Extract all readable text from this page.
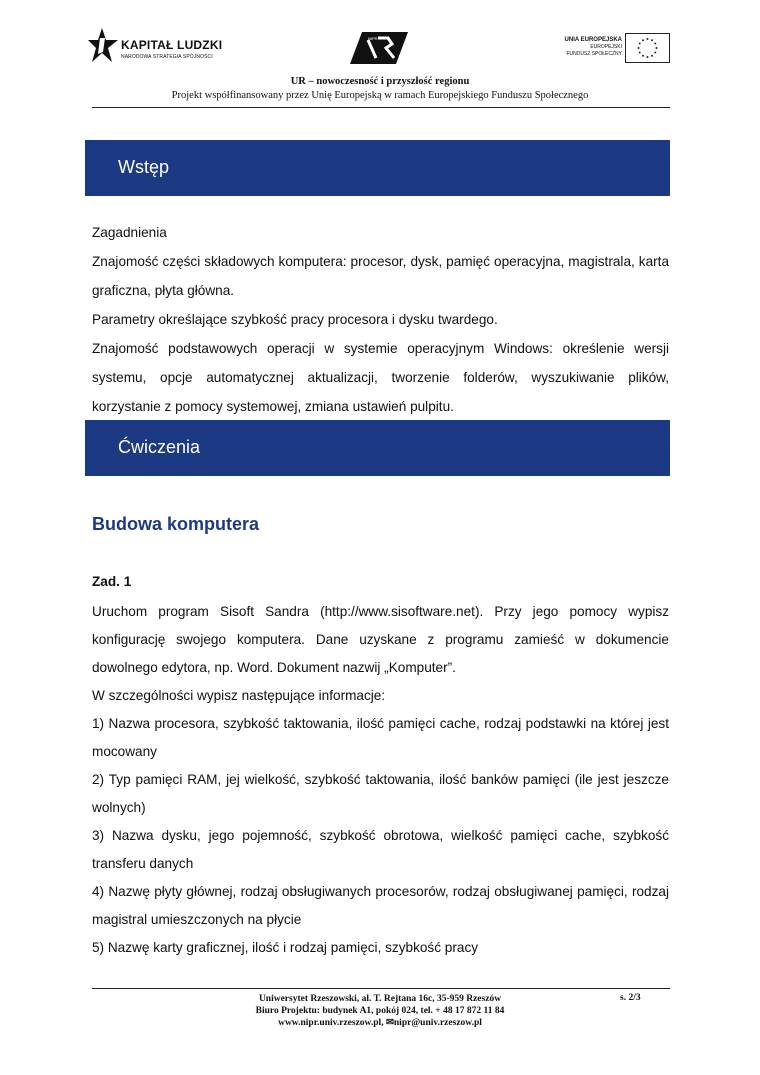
KAPITAŁ LUDZKI
NARODOWA STRATEGIA SPÓJNOŚCI
NIPR	UNIA EUROPEJSKA
EUROPEJSKI
FUNDUSZ SPOŁECZNY
UR – nowoczesność i przyszłość regionu
Projekt współfinansowany przez Unię Europejską w ramach Europejskiego Funduszu Społecznego
Wstęp

Zagadnienia

Znajomość części składowych komputera: procesor, dysk, pamięć operacyjna, magistrala, karta graficzna, płyta główna.

Parametry określające szybkość pracy procesora i dysku twardego.

Znajomość podstawowych operacji w systemie operacyjnym Windows: określenie wersji systemu, opcje automatycznej aktualizacji, tworzenie folderów, wyszukiwanie plików, korzystanie z pomocy systemowej, zmiana ustawień pulpitu.

Ćwiczenia
Budowa komputera
Zad. 1

Uruchom program Sisoft Sandra (http://www.sisoftware.net). Przy jego pomocy wypisz konfigurację swojego komputera. Dane uzyskane z programu zamieść w dokumencie dowolnego edytora, np. Word. Dokument nazwij „Komputer”.

W szczególności wypisz następujące informacje:

1) Nazwa procesora, szybkość taktowania, ilość pamięci cache, rodzaj podstawki na której jest mocowany

2) Typ pamięci RAM, jej wielkość, szybkość taktowania, ilość banków pamięci (ile jest jeszcze wolnych)

3) Nazwa dysku, jego pojemność, szybkość obrotowa, wielkość pamięci cache, szybkość transferu danych

4) Nazwę płyty głównej, rodzaj obsługiwanych procesorów, rodzaj obsługiwanej pamięci, rodzaj magistral umieszczonych na płycie

5) Nazwę karty graficznej, ilość i rodzaj pamięci, szybkość pracy

Uniwersytet Rzeszowski, al. T. Rejtana 16c, 35-959 Rzeszów
Biuro Projektu: budynek A1, pokój 024, tel. + 48 17 872 11 84
www.nipr.univ.rzeszow.pl, ✉nipr@univ.rzeszow.pl
s. 2/3
